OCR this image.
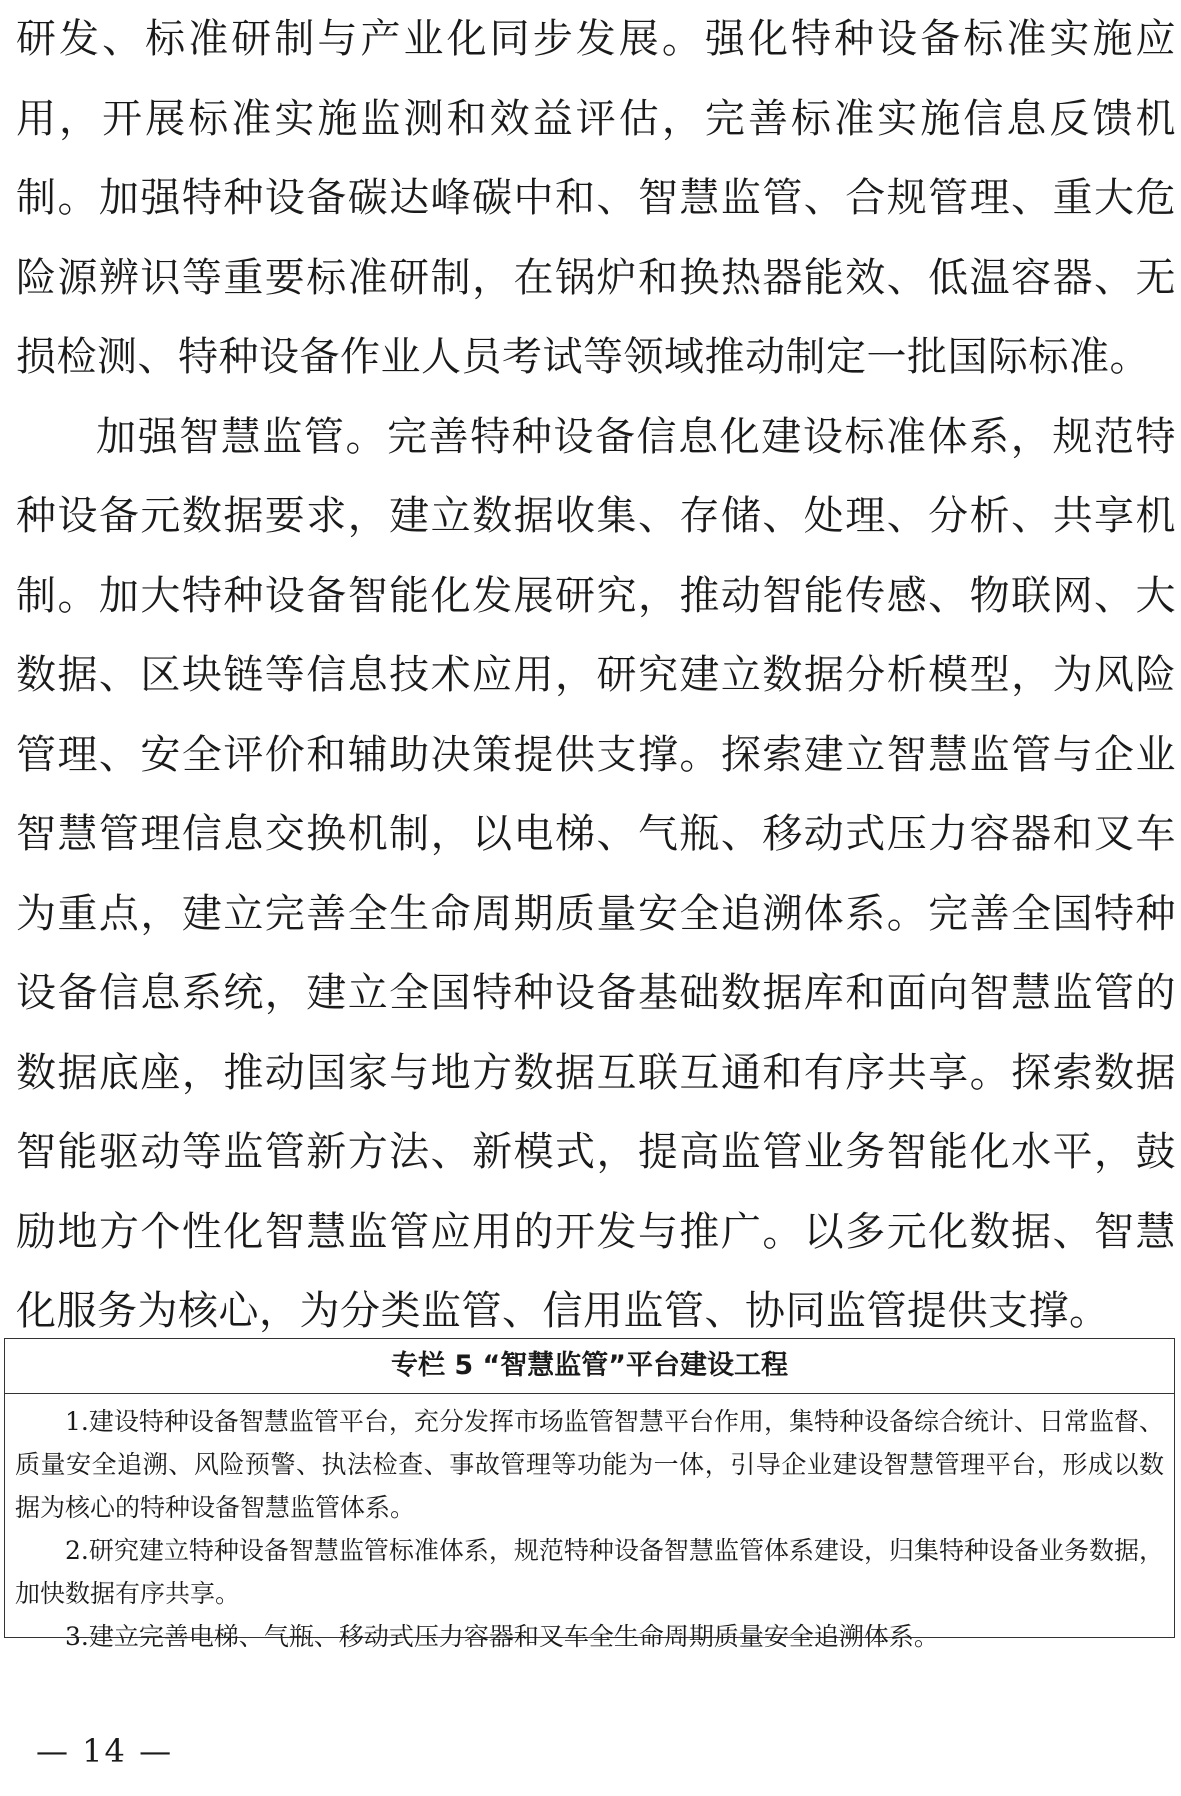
研发、标准研制与产业化同步发展。强化特种设备标准实施应用，开展标准实施监测和效益评估，完善标准实施信息反馈机制。加强特种设备碳达峰碳中和、智慧监管、合规管理、重大危险源辨识等重要标准研制，在锅炉和换热器能效、低温容器、无损检测、特种设备作业人员考试等领域推动制定一批国际标准。

加强智慧监管。完善特种设备信息化建设标准体系，规范特种设备元数据要求，建立数据收集、存储、处理、分析、共享机制。加大特种设备智能化发展研究，推动智能传感、物联网、大数据、区块链等信息技术应用，研究建立数据分析模型，为风险管理、安全评价和辅助决策提供支撑。探索建立智慧监管与企业智慧管理信息交换机制，以电梯、气瓶、移动式压力容器和叉车为重点，建立完善全生命周期质量安全追溯体系。完善全国特种设备信息系统，建立全国特种设备基础数据库和面向智慧监管的数据底座，推动国家与地方数据互联互通和有序共享。探索数据智能驱动等监管新方法、新模式，提高监管业务智能化水平，鼓励地方个性化智慧监管应用的开发与推广。以多元化数据、智慧化服务为核心，为分类监管、信用监管、协同监管提供支撑。

专栏 5 “智慧监管”平台建设工程

1.建设特种设备智慧监管平台，充分发挥市场监管智慧平台作用，集特种设备综合统计、日常监督、质量安全追溯、风险预警、执法检查、事故管理等功能为一体，引导企业建设智慧管理平台，形成以数据为核心的特种设备智慧监管体系。

2.研究建立特种设备智慧监管标准体系，规范特种设备智慧监管体系建设，归集特种设备业务数据，加快数据有序共享。

3.建立完善电梯、气瓶、移动式压力容器和叉车全生命周期质量安全追溯体系。

— 14 —
